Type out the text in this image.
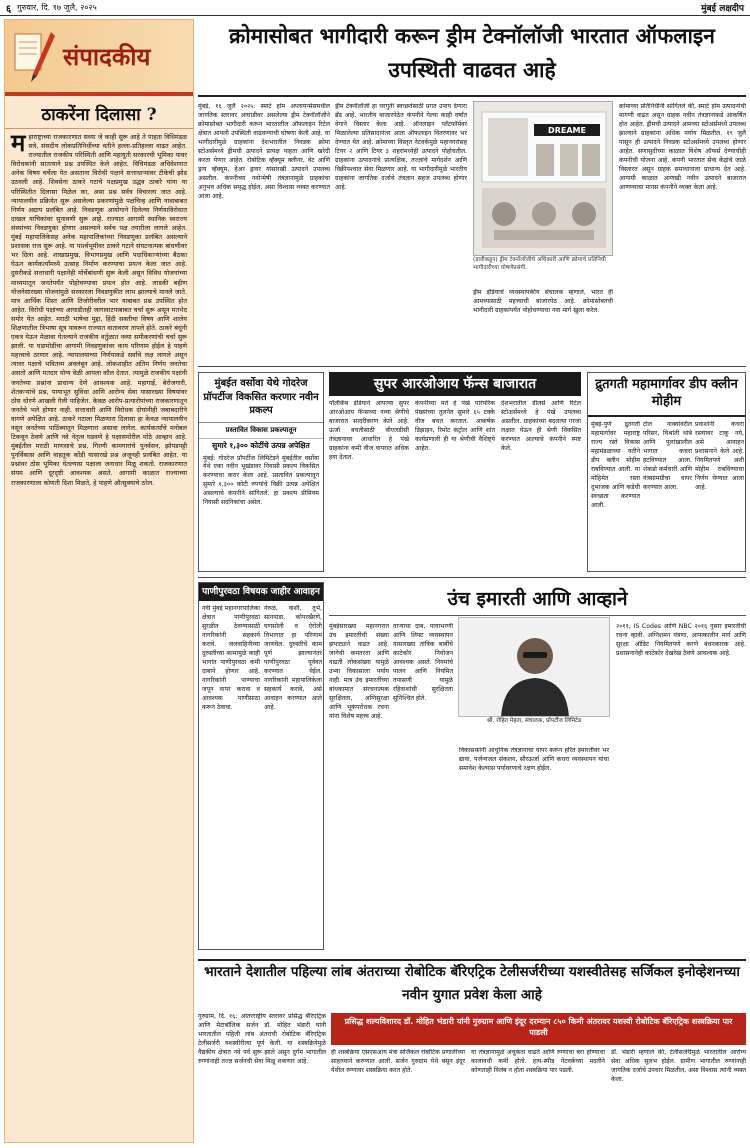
६ गुरुवार, दि. १७ जुलै, २०२५	मुंबई लक्षदीप
संपादकीय
ठाकरेंना दिलासा ?
महाराष्ट्राच्या राजकारणात सध्या जे काही सुरू आहे ते पाहता विधिमंडळ सत्रे, संसदीय लोकप्रतिनिधींच्या वतीने हल्ला-प्रतिहल्ला वाढत आहेत. राज्यातील राजकीय परिस्थिती आणि महायुती सरकारची भूमिका यावर विरोधकांनी सातत्याने प्रश्न उपस्थित केले आहेत. विधिमंडळ अधिवेशनात अनेक विषय चर्चेला येत असताना विरोधी पक्षाने सत्ताधाऱ्यांवर टीकेची झोड उठवली आहे. शिवसेना ठाकरे गटाचे पक्षप्रमुख उद्धव ठाकरे यांना या परिस्थितीत दिलासा मिळेल का, असा प्रश्न सर्वत्र विचारला जात आहे. न्यायालयीन प्रक्रियेत सुरू असलेल्या प्रकरणांमुळे पक्षचिन्ह आणि नावाबाबत निर्णय अद्याप प्रलंबित आहे. निवडणूक आयोगाने दिलेल्या निर्णयाविरोधात दाखल याचिकांवर सुनावणी सुरू आहे. राज्यात आगामी स्थानिक स्वराज्य संस्थांच्या निवडणुका होणार असल्याने सर्वच पक्ष तयारीला लागले आहेत. मुंबई महापालिकेसह अनेक महापालिकांच्या निवडणुका प्रलंबित असल्याने प्रशासक राज सुरू आहे. या पार्श्वभूमीवर ठाकरे गटाने संघटनात्मक बांधणीवर भर दिला आहे. शाखाप्रमुख, विभागप्रमुख आणि पदाधिकाऱ्यांच्या बैठका घेऊन कार्यकर्त्यांमध्ये उत्साह निर्माण करण्याचा प्रयत्न केला जात आहे. दुसरीकडे सत्ताधारी पक्षानेही मोर्चेबांधणी सुरू केली असून विविध योजनांच्या माध्यमातून जनतेपर्यंत पोहोचण्याचा प्रयत्न होत आहे. लाडकी बहीण योजनेसारख्या योजनांमुळे सरकारला निवडणुकीत लाभ झाल्याचे मानले जाते. मात्र आर्थिक शिस्त आणि तिजोरीवरील भार याबाबत प्रश्न उपस्थित होत आहेत. विरोधी पक्षांच्या आघाडीतही जागावाटपाबाबत चर्चा सुरू असून मतभेद समोर येत आहेत. मराठी भाषेचा मुद्दा, हिंदी सक्तीचा विषय आणि शालेय शिक्षणातील त्रिभाषा सूत्र यावरून राज्यात वातावरण तापले होते. ठाकरे बंधूंनी एकत्र येऊन मेळावा घेतल्याने राजकीय वर्तुळात नव्या समीकरणांची चर्चा सुरू झाली. या घडामोडींचा आगामी निवडणुकांवर काय परिणाम होईल हे पाहणे महत्त्वाचे ठरणार आहे. न्यायालयाच्या निर्णयाकडे सर्वांचे लक्ष लागले असून त्यावर पक्षाचे भवितव्य अवलंबून आहे. लोकशाहीत अंतिम निर्णय जनतेचा असतो आणि मतदार योग्य वेळी आपला कौल देतात. त्यामुळे राजकीय पक्षांनी जनतेच्या प्रश्नांना प्राधान्य देणे आवश्यक आहे. महागाई, बेरोजगारी, शेतकऱ्यांचे प्रश्न, पायाभूत सुविधा आणि आरोग्य सेवा यासारख्या विषयांवर ठोस धोरणे आखली गेली पाहिजेत. केवळ आरोप-प्रत्यारोपांच्या राजकारणातून जनतेचे भले होणार नाही. सत्ताधारी आणि विरोधक दोघांनीही जबाबदारीने वागणे अपेक्षित आहे. ठाकरे गटाला मिळणारा दिलासा हा केवळ न्यायालयीन नसून जनतेच्या पाठिंब्यातून मिळणारा असावा लागेल. कार्यकर्त्यांचे मनोबल टिकवून ठेवणे आणि नवे नेतृत्व घडवणे हे पक्षासमोरील मोठे आव्हान आहे. मुंबईतील मराठी माणसाचे प्रश्न, गिरणी कामगारांचे पुनर्वसन, झोपडपट्टी पुनर्विकास आणि वाहतूक कोंडी यासारखे प्रश्न अजूनही प्रलंबित आहेत. या प्रश्नांवर ठोस भूमिका घेतल्यास पक्षाला जनाधार मिळू शकतो. राजकारणात संयम आणि दूरदृष्टी आवश्यक असते. आगामी काळात राज्याच्या राजकारणाला कोणती दिशा मिळते, हे पाहणे औत्सुक्याचे ठरेल.
क्रोमासोबत भागीदारी करून ड्रीम टेक्नॉलॉजी भारतात ऑफलाइन उपस्थिती वाढवत आहे
मुंबई, १६ जुलै २०२५: स्मार्ट होम अप्लायन्सेसमधील जागतिक स्तरावर आघाडीवर असलेल्या ड्रीम टेक्नॉलॉजीने क्रोमासोबत भागीदारी करून भारतातील ऑफलाइन रिटेल क्षेत्रात आपली उपस्थिती वाढवण्याची घोषणा केली आहे. या भागीदारीमुळे ग्राहकांना देशभरातील निवडक क्रोमा स्टोअर्समध्ये ड्रीमची उत्पादने प्रत्यक्ष पाहता आणि खरेदी करता येणार आहेत. रोबोटिक व्हॅक्यूम क्लीनर, वेट आणि ड्राय व्हॅक्यूम, हेअर ड्रायर यांसारखी उत्पादने उपलब्ध असतील. कंपनीच्या नवोन्मेषी तंत्रज्ञानामुळे ग्राहकांचा अनुभव अधिक समृद्ध होईल, असा विश्वास व्यक्त करण्यात आला आहे.
ड्रीम टेक्नॉलॉजी हा घरगुती स्वच्छतेसाठी प्रगत उपाय देणारा ब्रँड आहे. भारतीय बाजारपेठेत कंपनीने गेल्या काही वर्षांत वेगाने विस्तार केला आहे. ऑनलाइन प्लॅटफॉर्मवर मिळालेल्या प्रतिसादानंतर आता ऑफलाइन वितरणावर भर देण्यात येत आहे. क्रोमाच्या विस्तृत नेटवर्कमुळे महानगरांसह टियर २ आणि टियर ३ शहरांमध्येही उत्पादने पोहोचतील. ग्राहकांना उत्पादनांचे प्रात्यक्षिक, तज्ज्ञांचे मार्गदर्शन आणि विक्रीपश्चात सेवा मिळणार आहे. या भागीदारीमुळे भारतीय ग्राहकांना जागतिक दर्जाचे तंत्रज्ञान सहज उपलब्ध होणार आहे.
DREAME
(डावीकडून) ड्रीम टेक्नॉलॉजीचे अधिकारी आणि क्रोमाचे प्रतिनिधी भागीदारीच्या घोषणेप्रसंगी.
ड्रीम इंडियाचे व्यवस्थापकीय संचालक म्हणाले, भारत ही आमच्यासाठी महत्त्वाची बाजारपेठ आहे. क्रोमासोबतची भागीदारी ग्राहकांपर्यंत पोहोचण्याचा नवा मार्ग खुला करेल.
क्रोमाच्या प्रतिनिधींनी सांगितले की, स्मार्ट होम उत्पादनांची मागणी वाढत असून ग्राहक नवीन तंत्रज्ञानाकडे आकर्षित होत आहेत. ड्रीमची उत्पादने आमच्या स्टोअर्समध्ये उपलब्ध झाल्याने ग्राहकांना अधिक पर्याय मिळतील. १९ जुलै पासून ही उत्पादने निवडक स्टोअर्समध्ये उपलब्ध होणार आहेत. सणासुदीच्या काळात विशेष ऑफर्स देण्याचीही कंपनीची योजना आहे. कंपनी भारतात सेवा केंद्रांचे जाळे विस्तारत असून ग्राहक समाधानाला प्राधान्य देत आहे. आगामी काळात आणखी नवीन उत्पादने बाजारात आणण्याचा मानस कंपनीने व्यक्त केला आहे.
मुंबईत वर्सोवा येथे गोदरेज प्रॉपर्टीज विकसित करणार नवीन प्रकल्प
प्रस्तावित विकास प्रकल्पातून
सुमारे १,३०० कोटींचे उत्पन्न अपेक्षित
मुंबई: गोदरेज प्रॉपर्टीज लिमिटेडने मुंबईतील वर्सोवा येथे एका नवीन भूखंडावर निवासी प्रकल्प विकसित करण्याचा करार केला आहे. प्रस्तावित प्रकल्पातून सुमारे १,३०० कोटी रुपयांचे विक्री उत्पन्न अपेक्षित असल्याचे कंपनीने सांगितले. हा प्रकल्प प्रीमियम निवासी सदनिकांचा असेल.
सुपर आरओआय फॅन्स बाजारात
पॉलीकॅब इंडियाने आपल्या सुपर आरओआय फॅन्सच्या नव्या श्रेणीचे बाजारात सादरीकरण केले आहे. ऊर्जा बचतीसाठी बीएलडीसी तंत्रज्ञानावर आधारित हे पंखे ग्राहकांना कमी वीज वापरात अधिक हवा देतात.
कंपनीच्या मते हे पंखे पारंपरिक पंख्यांच्या तुलनेत सुमारे ६५ टक्के वीज बचत करतात. आकर्षक डिझाइन, रिमोट कंट्रोल आणि शांत कार्यप्रणाली ही या श्रेणीची वैशिष्ट्ये आहेत.
देशभरातील डीलर्स आणि रिटेल स्टोअर्समध्ये हे पंखे उपलब्ध असतील. ग्राहकांच्या बदलत्या गरजा लक्षात घेऊन ही श्रेणी विकसित करण्यात आल्याचे कंपनीने स्पष्ट केले.
द्रुतगती महामार्गावर डीप क्लीन मोहीम
मुंबई-पुणे द्रुतगती महामार्गावर महाराष्ट्र राज्य रस्ते विकास महामंडळाच्या वतीने डीप क्लीन मोहीम राबविण्यात आली. या मोहिमेत रस्ता दुभाजक आणि कडेची स्वच्छता करण्यात आली.
टोल नाक्यांवरील परिसर, विश्रांती थांबे आणि पुलांखालील भागात कचरा हटविण्यात आला. शेकडो कर्मचारी आणि यंत्रसामग्रीचा वापर करण्यात आला.
प्रवाशांनी कचरा रस्त्यावर टाकू नये, असे आवाहन प्रशासनाने केले आहे. नियमितपणे अशी मोहीम राबविण्याचा निर्णय घेण्यात आला आहे.
पाणीपुरवठा विषयक जाहीर आवाहन
नवी मुंबई महानगरपालिका क्षेत्रात पाणीपुरवठा सुरळीत ठेवण्यासाठी नागरिकांनी सहकार्य करावे. जलवाहिनीच्या दुरुस्तीच्या कामामुळे काही भागांत पाणीपुरवठा कमी दाबाने होणार आहे. नागरिकांनी पाण्याचा जपून वापर करावा व आवश्यक पाणीसाठा करून ठेवावा.
नेरुळ, वाशी, तुर्भे, सानपाडा, कोपरखैरणे, घणसोली व ऐरोली विभागात हा परिणाम जाणवेल. दुरुस्तीचे काम पूर्ण झाल्यानंतर पाणीपुरवठा पूर्ववत करण्यात येईल. नागरिकांनी महापालिकेला सहकार्य करावे, असे आवाहन करण्यात आले आहे.
उंच इमारती आणि आव्हाने
मुंबईसारख्या महानगरात उंच इमारतींची संख्या झपाट्याने वाढत आहे. जागेची कमतरता आणि वाढती लोकसंख्या यामुळे उभ्या विकासाला पर्याय नाही. मात्र उंच इमारतींच्या बांधकामात संरचनात्मक सुरक्षितता, अग्निसुरक्षा आणि भूकंपरोधक रचना यांना विशेष महत्त्व आहे.
वाऱ्याचा दाब, पायाभरणी आणि लिफ्ट व्यवस्थापन यासारख्या तांत्रिक बाबींचे काटेकोर नियोजन आवश्यक असते. नियमांचे पालन आणि नियमित तपासणी यामुळे रहिवाशांची सुरक्षितता सुनिश्चित होते.
विकासकांनी आधुनिक तंत्रज्ञानाचा वापर करून हरित इमारतींवर भर द्यावा. पर्जन्यजल संकलन, सौरऊर्जा आणि कचरा व्यवस्थापन यांचा समावेश केल्यास पर्यावरणाचे रक्षण होईल.
२०११, IS Codes आणि NBC २०१६ नुसार इमारतींची रचना व्हावी. अग्निशमन यंत्रणा, आपत्कालीन मार्ग आणि सुरक्षा ऑडिट नियमितपणे करणे बंधनकारक आहे. प्रशासनानेही काटेकोर देखरेख ठेवणे आवश्यक आहे.
श्री. रोहित मेहता, संचालक, प्रॉपर्टीज लिमिटेड
भारताने देशातील पहिल्या लांब अंतराच्या रोबोटिक बॅरिएट्रिक टेलीसर्जरीच्या यशस्वीतेसह सर्जिकल इनोव्हेशनच्या नवीन युगात प्रवेश केला आहे
गुरुग्राम, दि. १६: आंतरराष्ट्रीय स्तरावर प्रसिद्ध बॅरिएट्रिक आणि मेटाबॉलिक सर्जन डॉ. मोहित भंडारी यांनी भारतातील पहिली लांब अंतराची रोबोटिक बॅरिएट्रिक टेलीसर्जरी यशस्वीरीत्या पूर्ण केली. या शस्त्रक्रियेमुळे वैद्यकीय क्षेत्रात नवे पर्व सुरू झाले असून दुर्गम भागातील रुग्णांनाही तज्ज्ञ सर्जनची सेवा मिळू शकणार आहे.
प्रसिद्ध शल्यविशारद डॉ. मोहित भंडारी यांनी गुरुग्राम आणि इंदूर दरम्यान ८५० किमी अंतरावर यशस्वी रोबोटिक बॅरिएट्रिक शस्त्रक्रिया पार पाडली
ही शस्त्रक्रिया एसएसआय मंत्रा सर्जिकल रोबोटिक प्रणालीच्या साहाय्याने करण्यात आली. सर्जन गुरुग्राम येथे बसून इंदूर येथील रुग्णावर शस्त्रक्रिया करत होते.
या तंत्रज्ञानामुळे अचूकता वाढते आणि रुग्णाचा बरा होण्याचा कालावधी कमी होतो. हाय-स्पीड नेटवर्कच्या मदतीने कोणताही विलंब न होता शस्त्रक्रिया पार पडली.
डॉ. भंडारी म्हणाले की, टेलीसर्जरीमुळे भारतातील आरोग्य सेवा अधिक सुलभ होईल. ग्रामीण भागातील रुग्णांनाही जागतिक दर्जाचे उपचार मिळतील, असा विश्वास त्यांनी व्यक्त केला.
